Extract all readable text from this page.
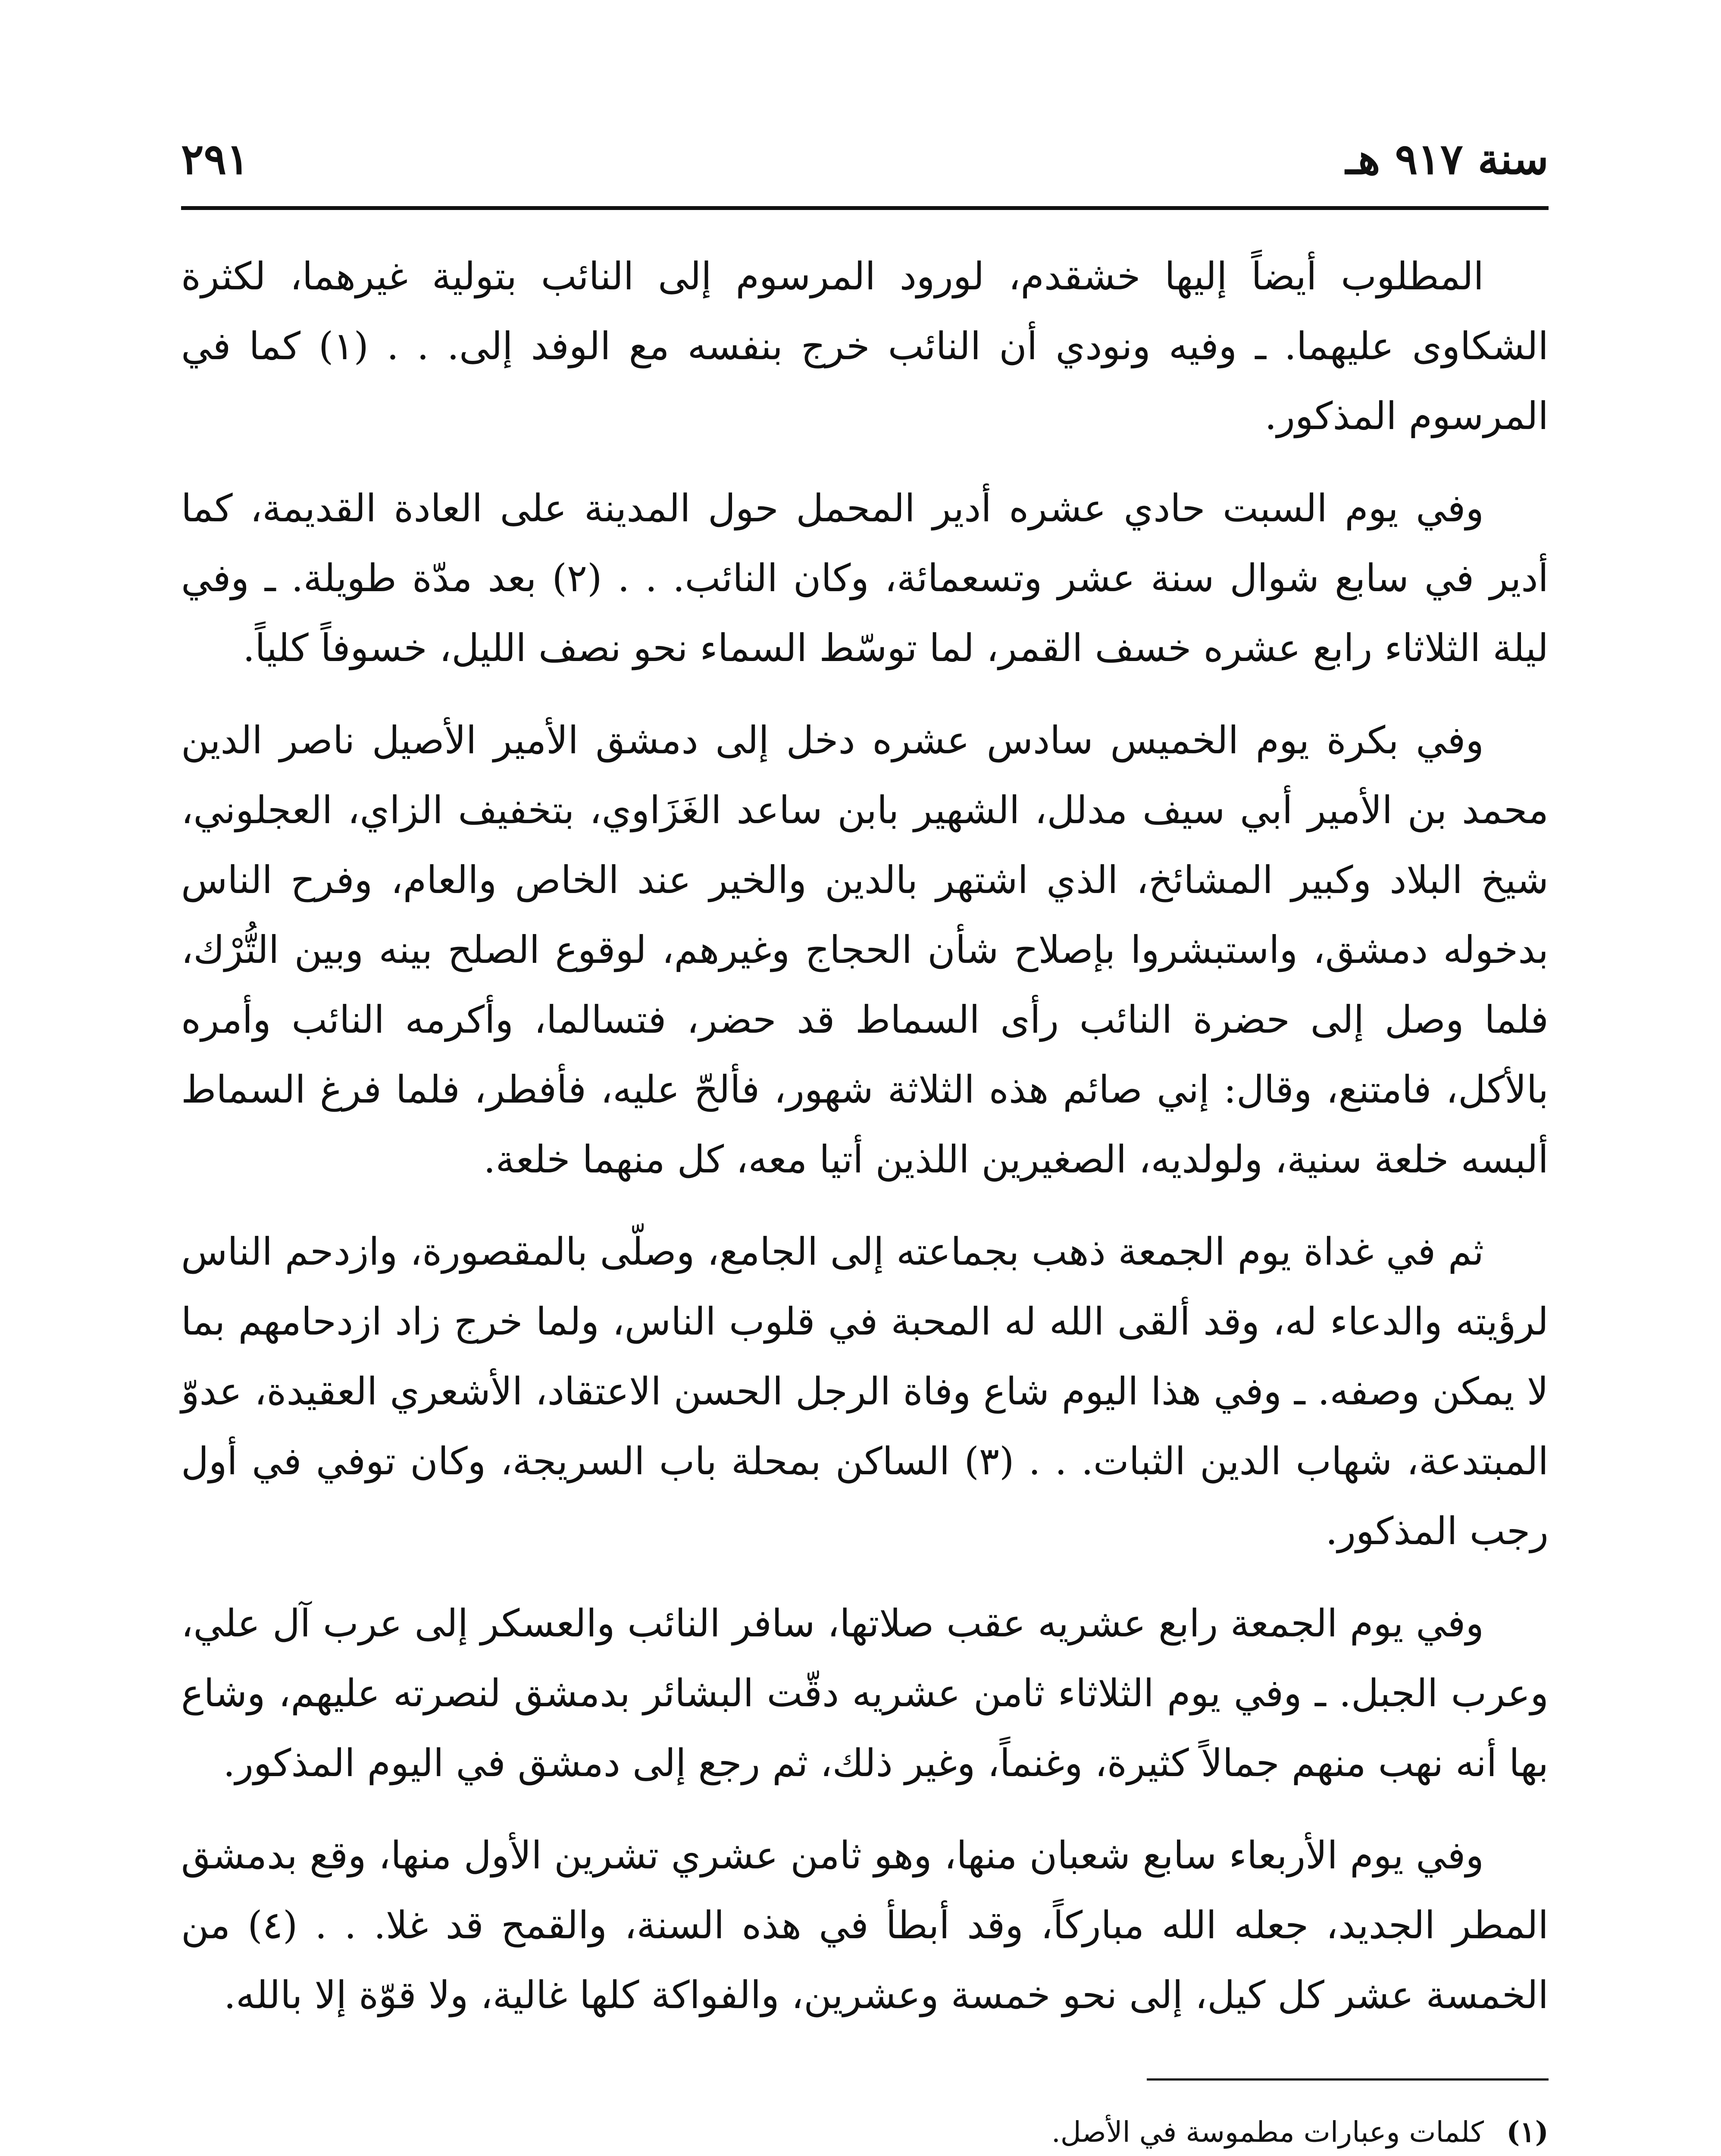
سنة ٩١٧ هـ
٢٩١

المطلوب أيضاً إليها خشقدم، لورود المرسوم إلى النائب بتولية غيرهما، لكثرة الشكاوى عليهما. ـ وفيه ونودي أن النائب خرج بنفسه مع الوفد إلى. . . (١) كما في المرسوم المذكور.

وفي يوم السبت حادي عشره أدير المحمل حول المدينة على العادة القديمة، كما أدير في سابع شوال سنة عشر وتسعمائة، وكان النائب. . . (٢) بعد مدّة طويلة. ـ وفي ليلة الثلاثاء رابع عشره خسف القمر، لما توسّط السماء نحو نصف الليل، خسوفاً كلياً.

وفي بكرة يوم الخميس سادس عشره دخل إلى دمشق الأمير الأصيل ناصر الدين محمد بن الأمير أبي سيف مدلل، الشهير بابن ساعد الغَزَاوي، بتخفيف الزاي، العجلوني، شيخ البلاد وكبير المشائخ، الذي اشتهر بالدين والخير عند الخاص والعام، وفرح الناس بدخوله دمشق، واستبشروا بإصلاح شأن الحجاج وغيرهم، لوقوع الصلح بينه وبين التُّرْك، فلما وصل إلى حضرة النائب رأى السماط قد حضر، فتسالما، وأكرمه النائب وأمره بالأكل، فامتنع، وقال: إني صائم هذه الثلاثة شهور، فألحّ عليه، فأفطر، فلما فرغ السماط ألبسه خلعة سنية، ولولديه، الصغيرين اللذين أتيا معه، كل منهما خلعة.

ثم في غداة يوم الجمعة ذهب بجماعته إلى الجامع، وصلّى بالمقصورة، وازدحم الناس لرؤيته والدعاء له، وقد ألقى الله له المحبة في قلوب الناس، ولما خرج زاد ازدحامهم بما لا يمكن وصفه. ـ وفي هذا اليوم شاع وفاة الرجل الحسن الاعتقاد، الأشعري العقيدة، عدوّ المبتدعة، شهاب الدين الثبات. . . (٣) الساكن بمحلة باب السريجة، وكان توفي في أول رجب المذكور.

وفي يوم الجمعة رابع عشريه عقب صلاتها، سافر النائب والعسكر إلى عرب آل علي، وعرب الجبل. ـ وفي يوم الثلاثاء ثامن عشريه دقّت البشائر بدمشق لنصرته عليهم، وشاع بها أنه نهب منهم جمالاً كثيرة، وغنماً، وغير ذلك، ثم رجع إلى دمشق في اليوم المذكور.

وفي يوم الأربعاء سابع شعبان منها، وهو ثامن عشري تشرين الأول منها، وقع بدمشق المطر الجديد، جعله الله مباركاً، وقد أبطأ في هذه السنة، والقمح قد غلا. . . (٤) من الخمسة عشر كل كيل، إلى نحو خمسة وعشرين، والفواكة كلها غالية، ولا قوّة إلا بالله.

(١)
كلمات وعبارات مطموسة في الأصل.
